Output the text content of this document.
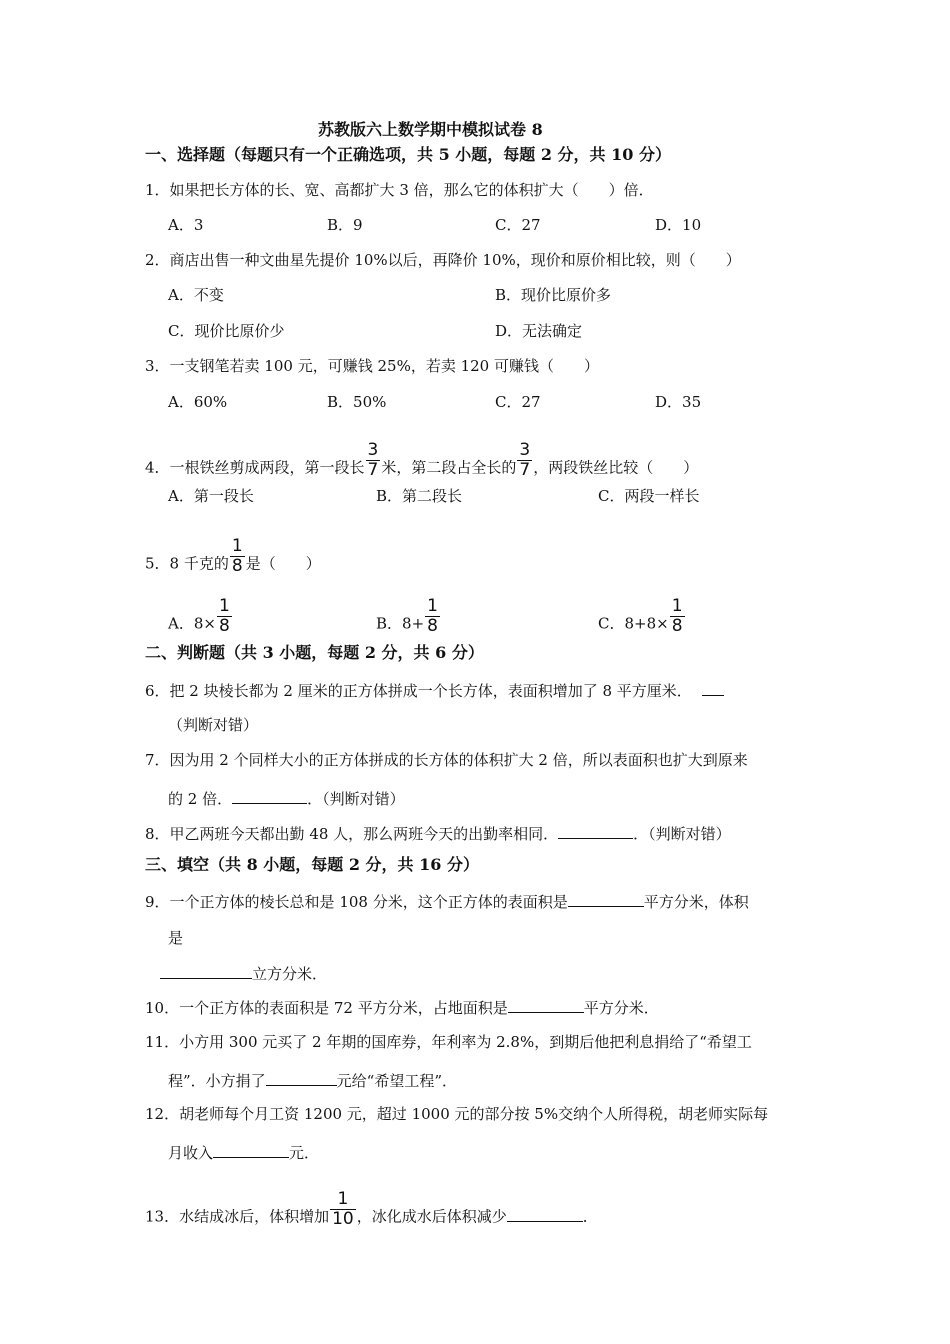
苏教版六上数学期中模拟试卷 8
一、选择题（每题只有一个正确选项，共 5 小题，每题 2 分，共 10 分）
1．如果把长方体的长、宽、高都扩大 3 倍，那么它的体积扩大（　　）倍．
A．3	B．9	C．27	D．10
2．商店出售一种文曲星先提价 10%以后，再降价 10%，现价和原价相比较，则（　　）
A．不变	B．现价比原价多
C．现价比原价少	D．无法确定
3．一支钢笔若卖 100 元，可赚钱 25%，若卖 120 可赚钱（　　）
A．60%	B．50%	C．27	D．35
4．一根铁丝剪成两段，第一段长 $\frac{3}{7}$ 米，第二段占全长的 $\frac{3}{7}$ ，两段铁丝比较（　　）
A．第一段长	B．第二段长	C．两段一样长
5．8 千克的 $\frac{1}{8}$ 是（　　）
A．$8\times \frac{1}{8}$	B．$8+ \frac{1}{8}$	C．$8+8\times \frac{1}{8}$
二、判断题（共 3 小题，每题 2 分，共 6 分）
6．把 2 块棱长都为 2 厘米的正方体拼成一个长方体，表面积增加了 8 平方厘米．
（判断对错）
7．因为用 2 个同样大小的正方体拼成的长方体的体积扩大 2 倍，所以表面积也扩大到原来
的 2 倍．	．（判断对错）
8．甲乙两班今天都出勤 48 人，那么两班今天的出勤率相同．	．（判断对错）
三、填空（共 8 小题，每题 2 分，共 16 分）
9．一个正方体的棱长总和是 108 分米，这个正方体的表面积是	平方分米，体积
是
立方分米．
10．一个正方体的表面积是 72 平方分米，占地面积是	平方分米．
11．小方用 300 元买了 2 年期的国库券，年利率为 2.8%，到期后他把利息捐给了“希望工
程”．小方捐了	元给“希望工程”．
12．胡老师每个月工资 1200 元，超过 1000 元的部分按 5%交纳个人所得税，胡老师实际每
月收入	元．
13．水结成冰后，体积增加 $\frac{1}{10}$ ，冰化成水后体积减少	．
